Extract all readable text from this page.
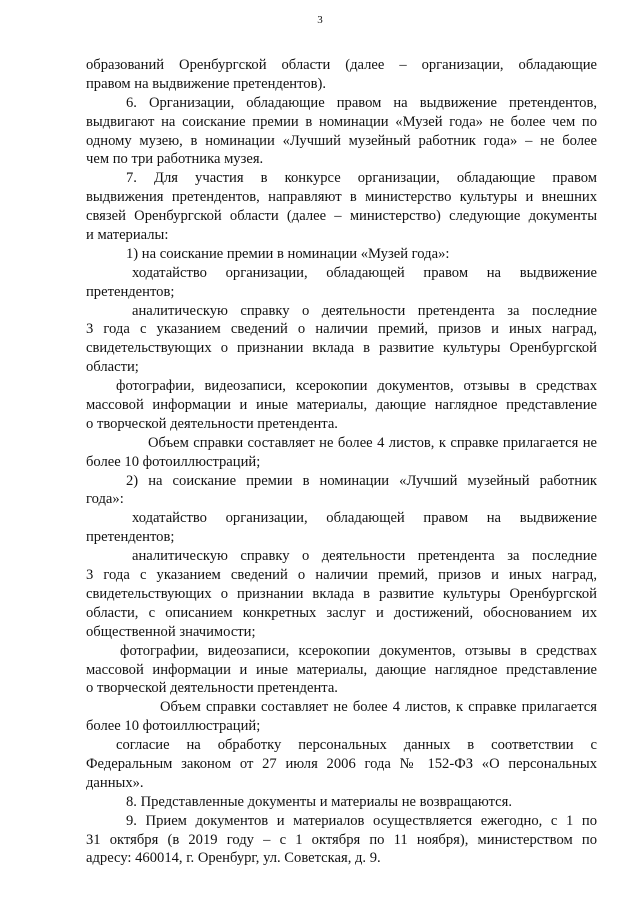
3
образований Оренбургской области (далее – организации, обладающие
правом на выдвижение претендентов).
6. Организации, обладающие правом на выдвижение претендентов,
выдвигают на соискание премии в номинации «Музей года» не более чем по
одному музею, в номинации «Лучший музейный работник года» – не более
чем по три работника музея.
7. Для участия в конкурсе организации, обладающие правом
выдвижения претендентов, направляют в министерство культуры и внешних
связей Оренбургской области (далее – министерство) следующие документы
и материалы:
1) на соискание премии в номинации «Музей года»:
ходатайство организации, обладающей правом на выдвижение
претендентов;
аналитическую справку о деятельности претендента за последние
3 года с указанием сведений о наличии премий, призов и иных наград,
свидетельствующих о признании вклада в развитие культуры Оренбургской
области;
фотографии, видеозаписи, ксерокопии документов, отзывы в средствах
массовой информации и иные материалы, дающие наглядное представление
о творческой деятельности претендента.
Объем справки составляет не более 4 листов, к справке прилагается не
более 10 фотоиллюстраций;
2) на соискание премии в номинации «Лучший музейный работник
года»:
ходатайство организации, обладающей правом на выдвижение
претендентов;
аналитическую справку о деятельности претендента за последние
3 года с указанием сведений о наличии премий, призов и иных наград,
свидетельствующих о признании вклада в развитие культуры Оренбургской
области, с описанием конкретных заслуг и достижений, обоснованием их
общественной значимости;
фотографии, видеозаписи, ксерокопии документов, отзывы в средствах
массовой информации и иные материалы, дающие наглядное представление
о творческой деятельности претендента.
Объем справки составляет не более 4 листов, к справке прилагается
более 10 фотоиллюстраций;
согласие на обработку персональных данных в соответствии с
Федеральным законом от 27 июля 2006 года № 152-ФЗ «О персональных
данных».
8. Представленные документы и материалы не возвращаются.
9. Прием документов и материалов осуществляется ежегодно, с 1 по
31 октября (в 2019 году – с 1 октября по 11 ноября), министерством по
адресу: 460014, г. Оренбург, ул. Советская, д. 9.
